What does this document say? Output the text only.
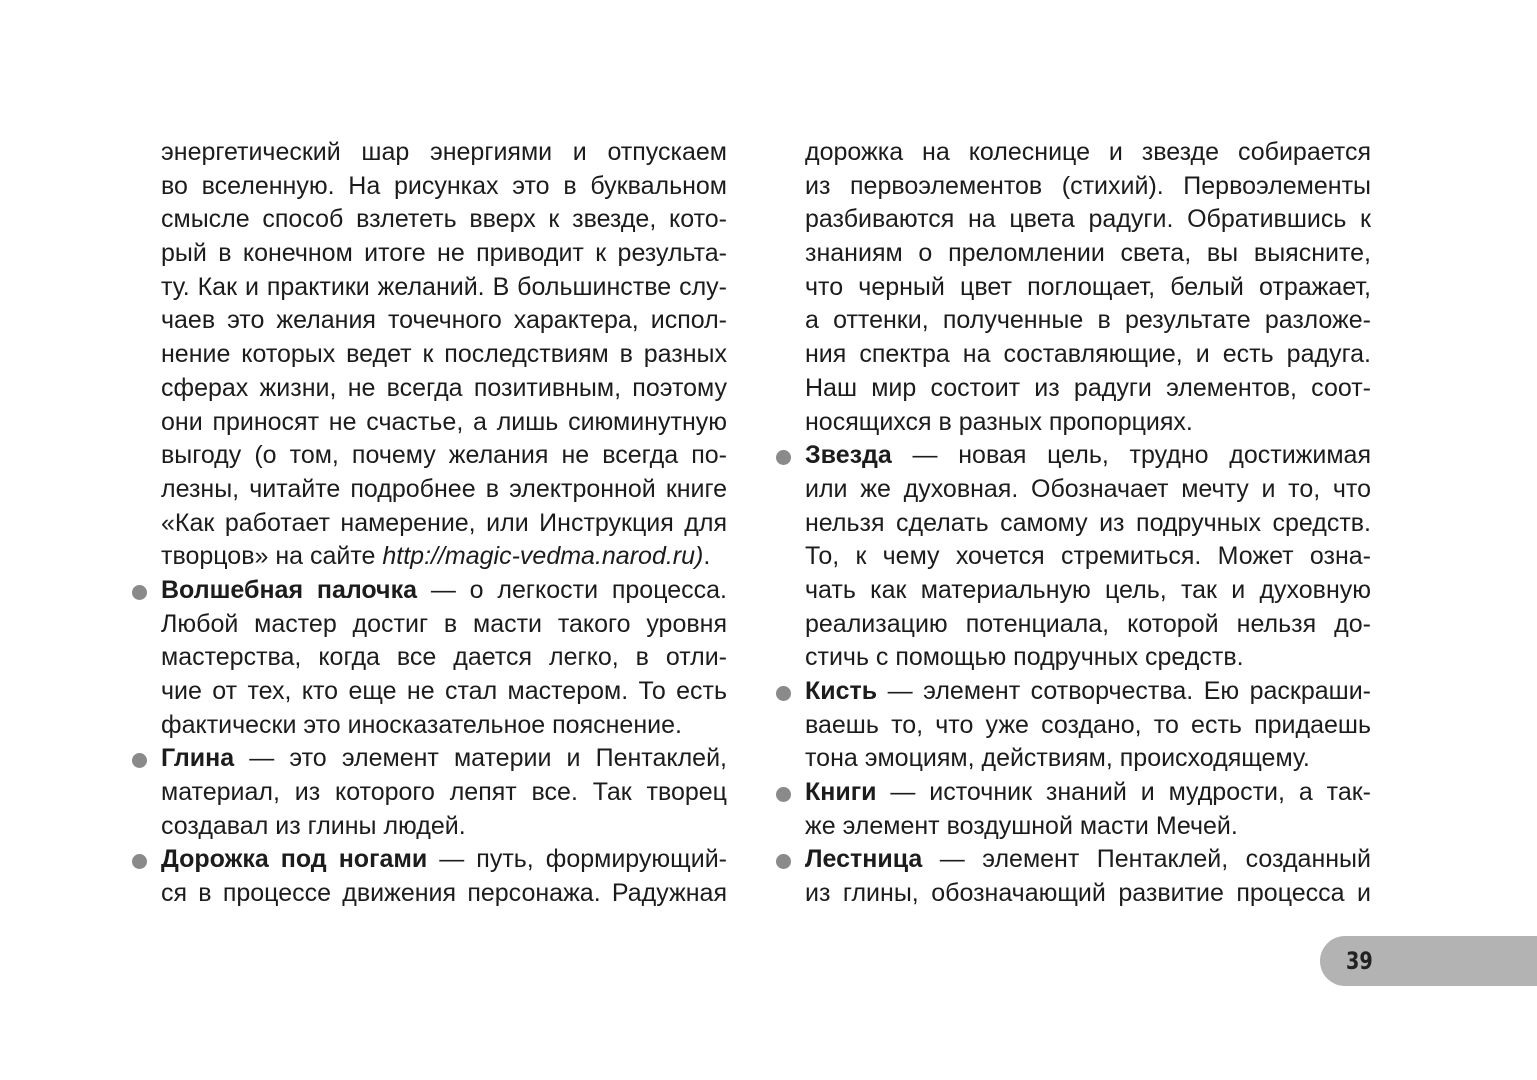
энергетический шар энергиями и отпускаем
во вселенную. На рисунках это в буквальном
смысле способ взлететь вверх к звезде, кото-
рый в конечном итоге не приводит к результа-
ту. Как и практики желаний. В большинстве слу-
чаев это желания точечного характера, испол-
нение которых ведет к последствиям в разных
сферах жизни, не всегда позитивным, поэтому
они приносят не счастье, а лишь сиюминутную
выгоду (о том, почему желания не всегда по-
лезны, читайте подробнее в электронной книге
«Как работает намерение, или Инструкция для
творцов» на сайте http://magic-vedma.narod.ru).
Волшебная палочка — о легкости процесса.
Любой мастер достиг в масти такого уровня
мастерства, когда все дается легко, в отли-
чие от тех, кто еще не стал мастером. То есть
фактически это иносказательное пояснение.
Глина — это элемент материи и Пентаклей,
материал, из которого лепят все. Так творец
создавал из глины людей.
Дорожка под ногами — путь, формирующий-
ся в процессе движения персонажа. Радужная
дорожка на колеснице и звезде собирается
из первоэлементов (стихий). Первоэлементы
разбиваются на цвета радуги. Обратившись к
знаниям о преломлении света, вы выясните,
что черный цвет поглощает, белый отражает,
а оттенки, полученные в результате разложе-
ния спектра на составляющие, и есть радуга.
Наш мир состоит из радуги элементов, соот-
носящихся в разных пропорциях.
Звезда — новая цель, трудно достижимая
или же духовная. Обозначает мечту и то, что
нельзя сделать самому из подручных средств.
То, к чему хочется стремиться. Может озна-
чать как материальную цель, так и духовную
реализацию потенциала, которой нельзя до-
стичь с помощью подручных средств.
Кисть — элемент сотворчества. Ею раскраши-
ваешь то, что уже создано, то есть придаешь
тона эмоциям, действиям, происходящему.
Книги — источник знаний и мудрости, а так-
же элемент воздушной масти Мечей.
Лестница — элемент Пентаклей, созданный
из глины, обозначающий развитие процесса и
39
